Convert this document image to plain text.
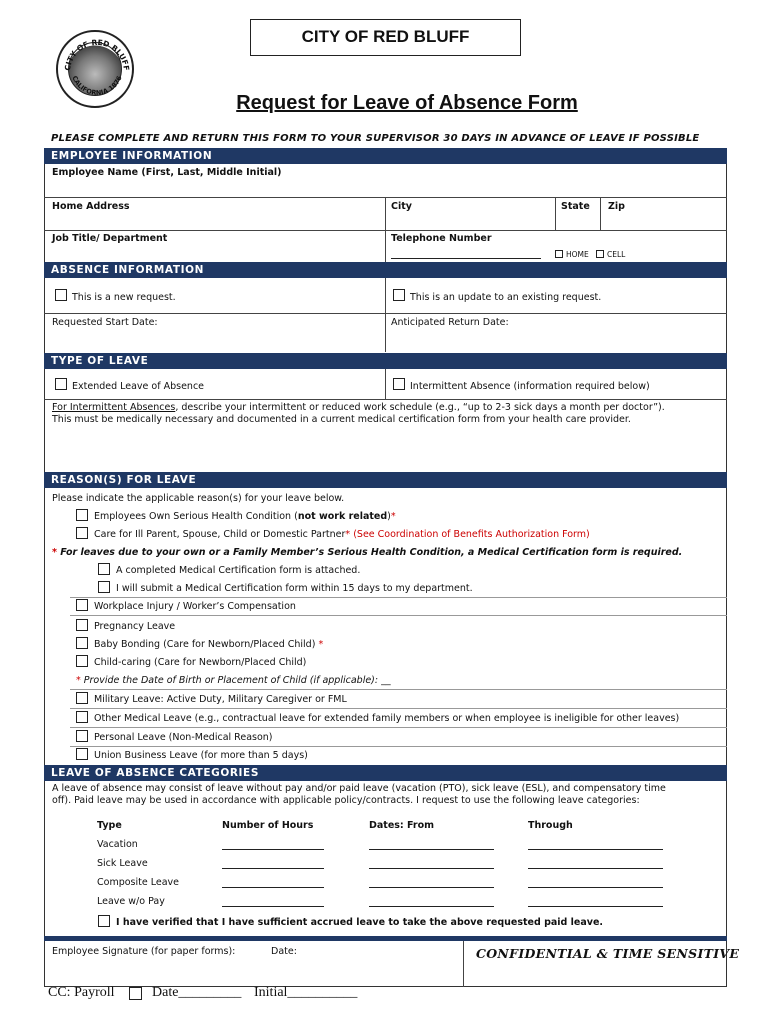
CITY OF RED BLUFF
CALIFORNIA 1876
CITY OF RED BLUFF
Request for Leave of Absence Form
PLEASE COMPLETE AND RETURN THIS FORM TO YOUR SUPERVISOR 30 DAYS IN ADVANCE OF LEAVE IF POSSIBLE
EMPLOYEE INFORMATION
Employee Name (First, Last, Middle Initial)
Home Address	City	State Zip
Job Title/ Department	Telephone Number
HOME CELL
ABSENCE INFORMATION
This is a new request.	This is an update to an existing request.
Requested Start Date:	Anticipated Return Date:
TYPE OF LEAVE
Extended Leave of Absence	Intermittent Absence (information required below)
For Intermittent Absences, describe your intermittent or reduced work schedule (e.g., “up to 2-3 sick days a month per doctor”).
This must be medically necessary and documented in a current medical certification form from your health care provider.
REASON(S) FOR LEAVE
Please indicate the applicable reason(s) for your leave below.
Employees Own Serious Health Condition (not work related)*
Care for Ill Parent, Spouse, Child or Domestic Partner* (See Coordination of Benefits Authorization Form)
* For leaves due to your own or a Family Member’s Serious Health Condition, a Medical Certification form is required.
A completed Medical Certification form is attached.
I will submit a Medical Certification form within 15 days to my department.
Workplace Injury / Worker’s Compensation
Pregnancy Leave
Baby Bonding (Care for Newborn/Placed Child) *
Child-caring (Care for Newborn/Placed Child)
* Provide the Date of Birth or Placement of Child (if applicable): __
Military Leave: Active Duty, Military Caregiver or FML
Other Medical Leave (e.g., contractual leave for extended family members or when employee is ineligible for other leaves)
Personal Leave (Non-Medical Reason)
Union Business Leave (for more than 5 days)
LEAVE OF ABSENCE CATEGORIES
A leave of absence may consist of leave without pay and/or paid leave (vacation (PTO), sick leave (ESL), and compensatory time
off). Paid leave may be used in accordance with applicable policy/contracts. I request to use the following leave categories:
Type	Number of Hours	Dates: From	Through
Vacation
Sick Leave
Composite Leave
Leave w/o Pay
I have verified that I have sufficient accrued leave to take the above requested paid leave.
Employee Signature (for paper forms):	Date:	CONFIDENTIAL & TIME SENSITIVE
CC: Payroll	Date_________ Initial__________
